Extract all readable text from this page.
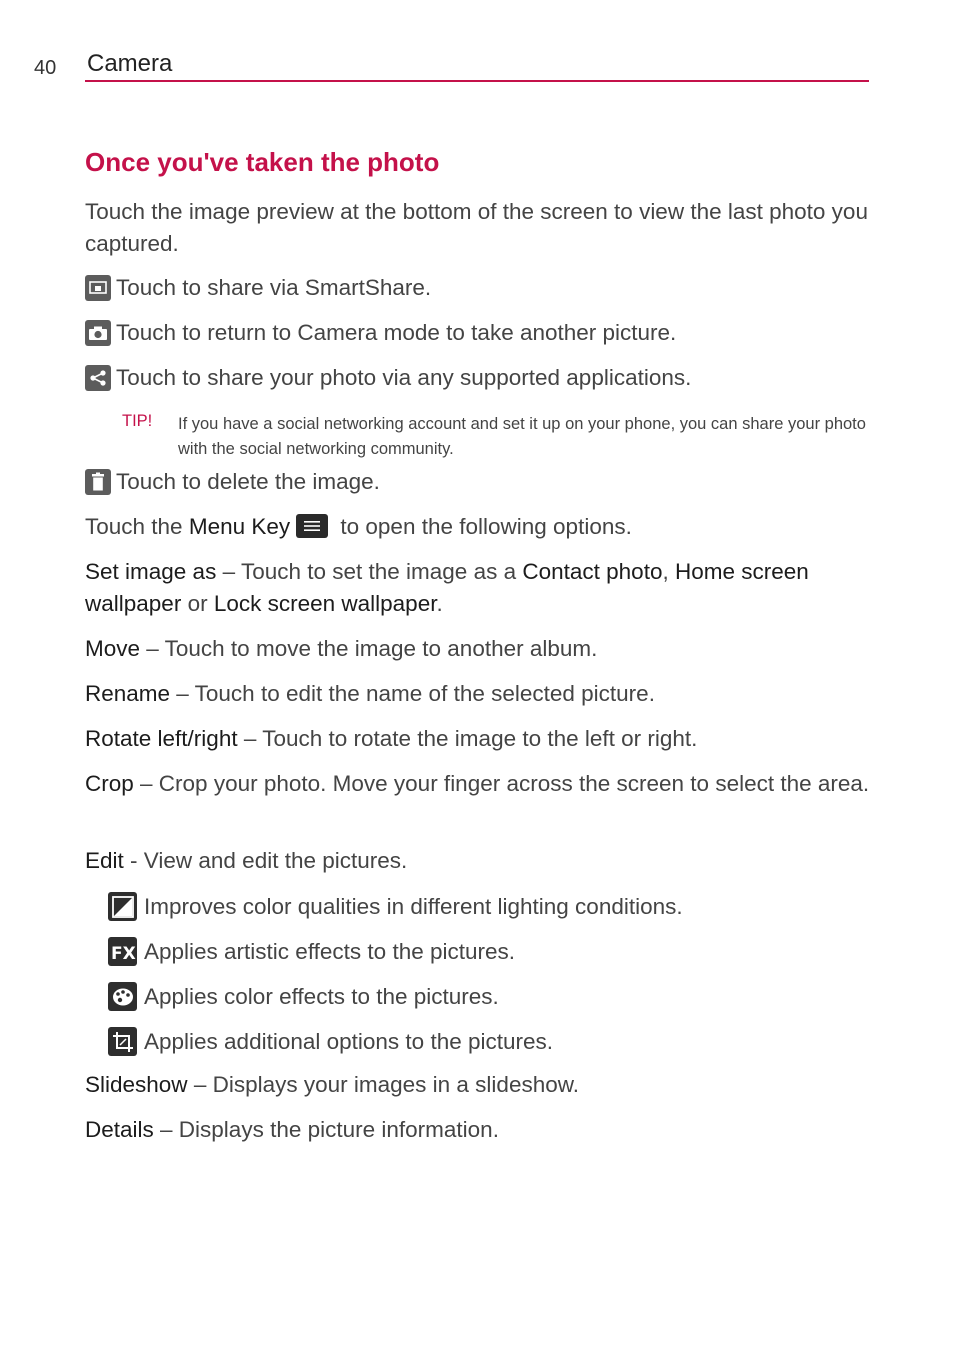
40 Camera
Once you've taken the photo
Touch the image preview at the bottom of the screen to view the last photo you captured.
Touch to share via SmartShare.
Touch to return to Camera mode to take another picture.
Touch to share your photo via any supported applications.
TIP! If you have a social networking account and set it up on your phone, you can share your photo with the social networking community.
Touch to delete the image.
Touch the Menu Key
to open the following options.
Set image as – Touch to set the image as a Contact photo, Home screen wallpaper or Lock screen wallpaper.
Move – Touch to move the image to another album.
Rename – Touch to edit the name of the selected picture.
Rotate left/right – Touch to rotate the image to the left or right.
Crop – Crop your photo. Move your finger across the screen to select the area.
Edit - View and edit the pictures.
Improves color qualities in different lighting conditions.
FX Applies artistic effects to the pictures.
Applies color effects to the pictures.
Applies additional options to the pictures.
Slideshow – Displays your images in a slideshow.
Details – Displays the picture information.
